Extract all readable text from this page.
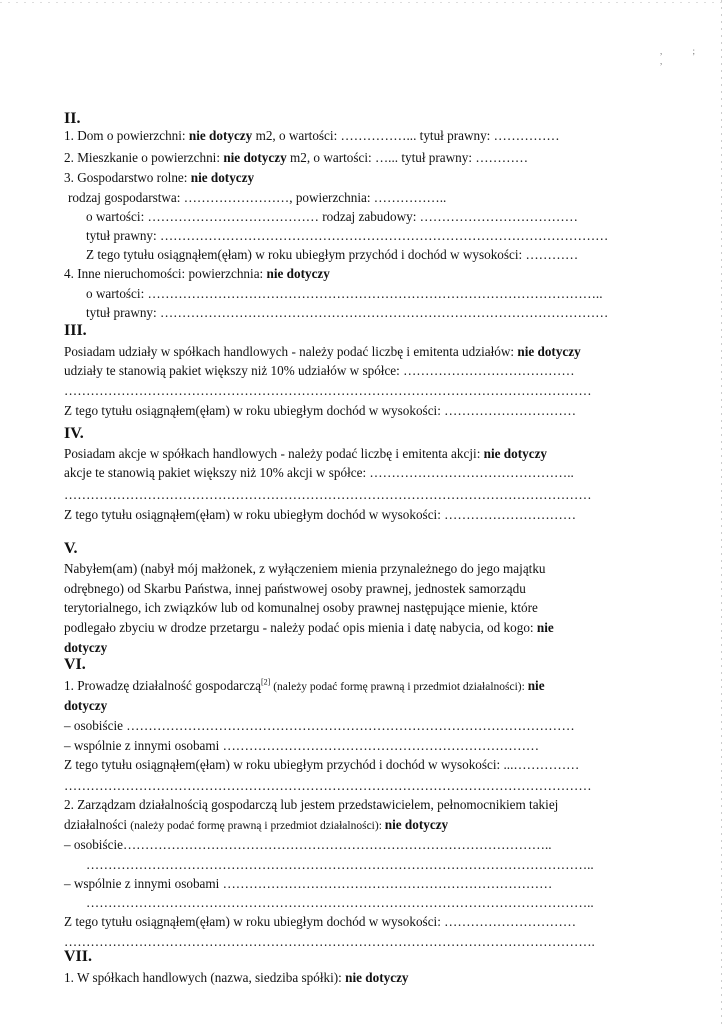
, ; ,

II.

1. Dom o powierzchni: nie dotyczy m2, o wartości: ……………... tytuł prawny: ……………

2. Mieszkanie o powierzchni: nie dotyczy m2, o wartości: …... tytuł prawny: …………

3. Gospodarstwo rolne: nie dotyczy

rodzaj gospodarstwa: ……………………, powierzchnia: ……………..

o wartości: ………………………………… rodzaj zabudowy: ………………………………

tytuł prawny: …………………………………………………………………………………………

Z tego tytułu osiągnąłem(ęłam) w roku ubiegłym przychód i dochód w wysokości: …………

4. Inne nieruchomości: powierzchnia: nie dotyczy

o wartości: …………………………………………………………………………………………..

tytuł prawny: …………………………………………………………………………………………

III.

Posiadam udziały w spółkach handlowych - należy podać liczbę i emitenta udziałów: nie dotyczy

udziały te stanowią pakiet większy niż 10% udziałów w spółce: …………………………………

…………………………………………………………………………………………………………

Z tego tytułu osiągnąłem(ęłam) w roku ubiegłym dochód w wysokości: …………………………

IV.

Posiadam akcje w spółkach handlowych - należy podać liczbę i emitenta akcji: nie dotyczy

akcje te stanowią pakiet większy niż 10% akcji w spółce: ………………………………………..

…………………………………………………………………………………………………………

Z tego tytułu osiągnąłem(ęłam) w roku ubiegłym dochód w wysokości: …………………………

V.

Nabyłem(am) (nabył mój małżonek, z wyłączeniem mienia przynależnego do jego majątku

odrębnego) od Skarbu Państwa, innej państwowej osoby prawnej, jednostek samorządu

terytorialnego, ich związków lub od komunalnej osoby prawnej następujące mienie, które

podlegało zbyciu w drodze przetargu - należy podać opis mienia i datę nabycia, od kogo: nie

dotyczy

VI.

1. Prowadzę działalność gospodarczą[2] (należy podać formę prawną i przedmiot działalności): nie

dotyczy

– osobiście …………………………………………………………………………………………

– wspólnie z innymi osobami ………………………………………………………………

Z tego tytułu osiągnąłem(ęłam) w roku ubiegłym przychód i dochód w wysokości: ...……………

…………………………………………………………………………………………………………

2. Zarządzam działalnością gospodarczą lub jestem przedstawicielem, pełnomocnikiem takiej

działalności (należy podać formę prawną i przedmiot działalności): nie dotyczy

– osobiście……………………………………………………………………………………..

……………………………………………………………………………………………………..

– wspólnie z innymi osobami …………………………………………………………………

……………………………………………………………………………………………………..

Z tego tytułu osiągnąłem(ęłam) w roku ubiegłym dochód w wysokości: …………………………

………………………………………………………………………………………………………….

VII.

1. W spółkach handlowych (nazwa, siedziba spółki): nie dotyczy
